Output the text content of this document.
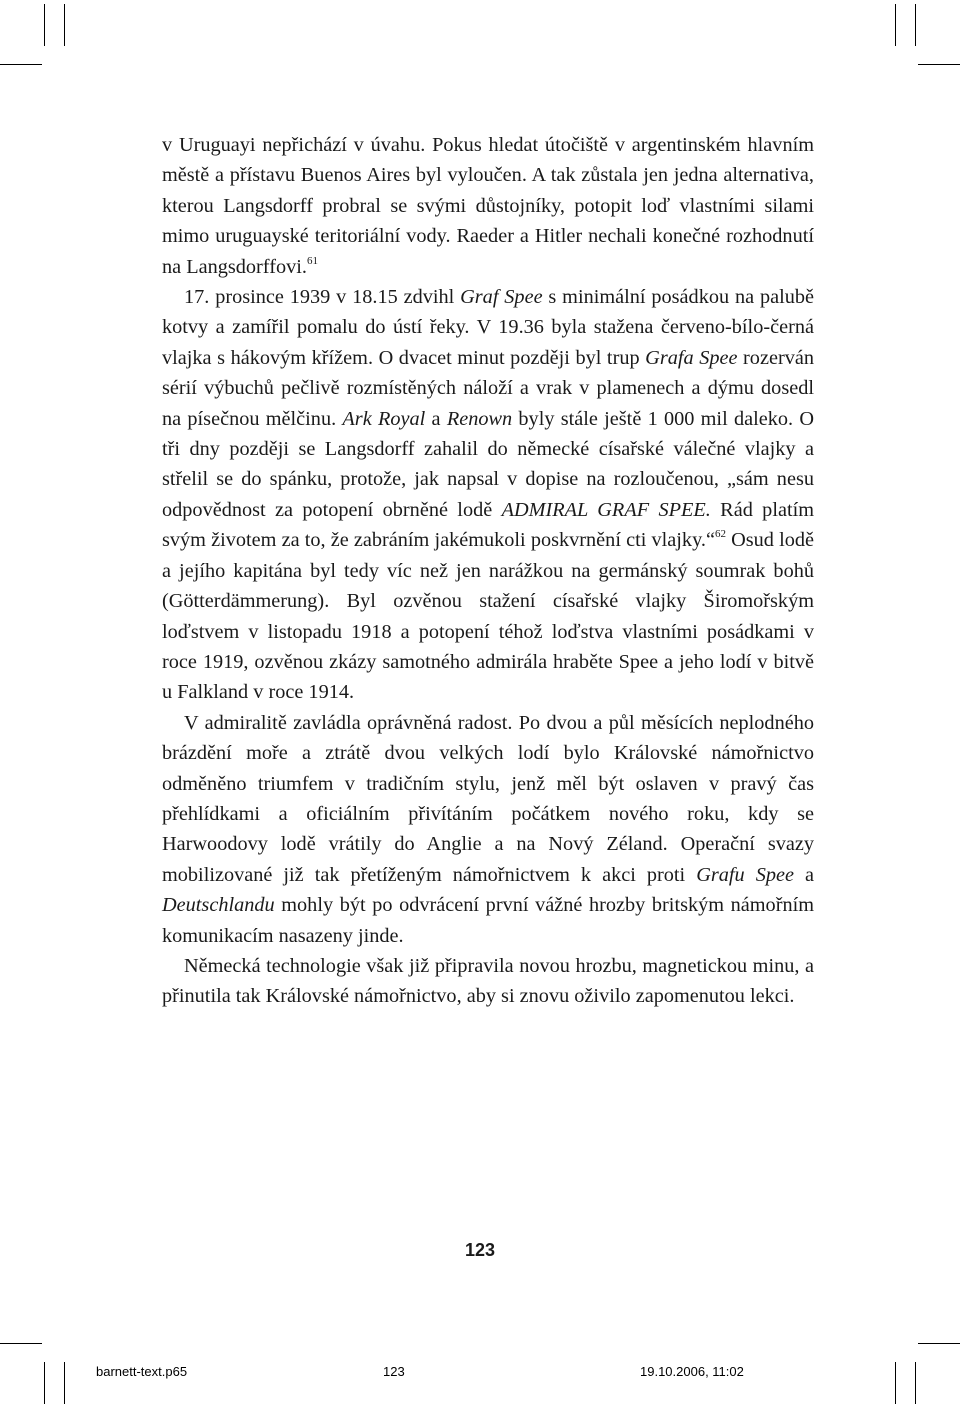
v Uruguayi nepřichází v úvahu. Pokus hledat útočiště v argentinském hlavním městě a přístavu Buenos Aires byl vyloučen. A tak zůstala jen jedna alternativa, kterou Langsdorff probral se svými důstojníky, potopit loď vlastními silami mimo uruguayské teritoriální vody. Raeder a Hitler nechali konečné rozhodnutí na Langsdorffovi.$^{61}$

17. prosince 1939 v 18.15 zdvihl Graf Spee s minimální posádkou na palubě kotvy a zamířil pomalu do ústí řeky. V 19.36 byla stažena červeno-bílo-černá vlajka s hákovým křížem. O dvacet minut později byl trup Grafa Spee rozerván sérií výbuchů pečlivě rozmístěných náloží a vrak v plamenech a dýmu dosedl na písečnou mělčinu. Ark Royal a Renown byly stále ještě 1 000 mil daleko. O tři dny později se Langsdorff zahalil do německé císařské válečné vlajky a střelil se do spánku, protože, jak napsal v dopise na rozloučenou, „sám nesu odpovědnost za potopení obrněné lodě ADMIRAL GRAF SPEE. Rád platím svým životem za to, že zabráním jakémukoli poskvrnění cti vlajky.“$^{62}$ Osud lodě a jejího kapitána byl tedy víc než jen narážkou na germánský soumrak bohů (Götterdämmerung). Byl ozvěnou stažení císařské vlajky Širomořským loďstvem v listopadu 1918 a potopení téhož loďstva vlastními posádkami v roce 1919, ozvěnou zkázy samotného admirála hraběte Spee a jeho lodí v bitvě u Falkland v roce 1914.

V admiralitě zavládla oprávněná radost. Po dvou a půl měsících neplodného brázdění moře a ztrátě dvou velkých lodí bylo Královské námořnictvo odměněno triumfem v tradičním stylu, jenž měl být oslaven v pravý čas přehlídkami a oficiálním přivítáním počátkem nového roku, kdy se Harwoodovy lodě vrátily do Anglie a na Nový Zéland. Operační svazy mobilizované již tak přetíženým námořnictvem k akci proti Grafu Spee a Deutschlandu mohly být po odvrácení první vážné hrozby britským námořním komunikacím nasazeny jinde.

Německá technologie však již připravila novou hrozbu, magnetickou minu, a přinutila tak Královské námořnictvo, aby si znovu oživilo zapomenutou lekci.

123
barnett-text.p65	123	19.10.2006, 11:02
